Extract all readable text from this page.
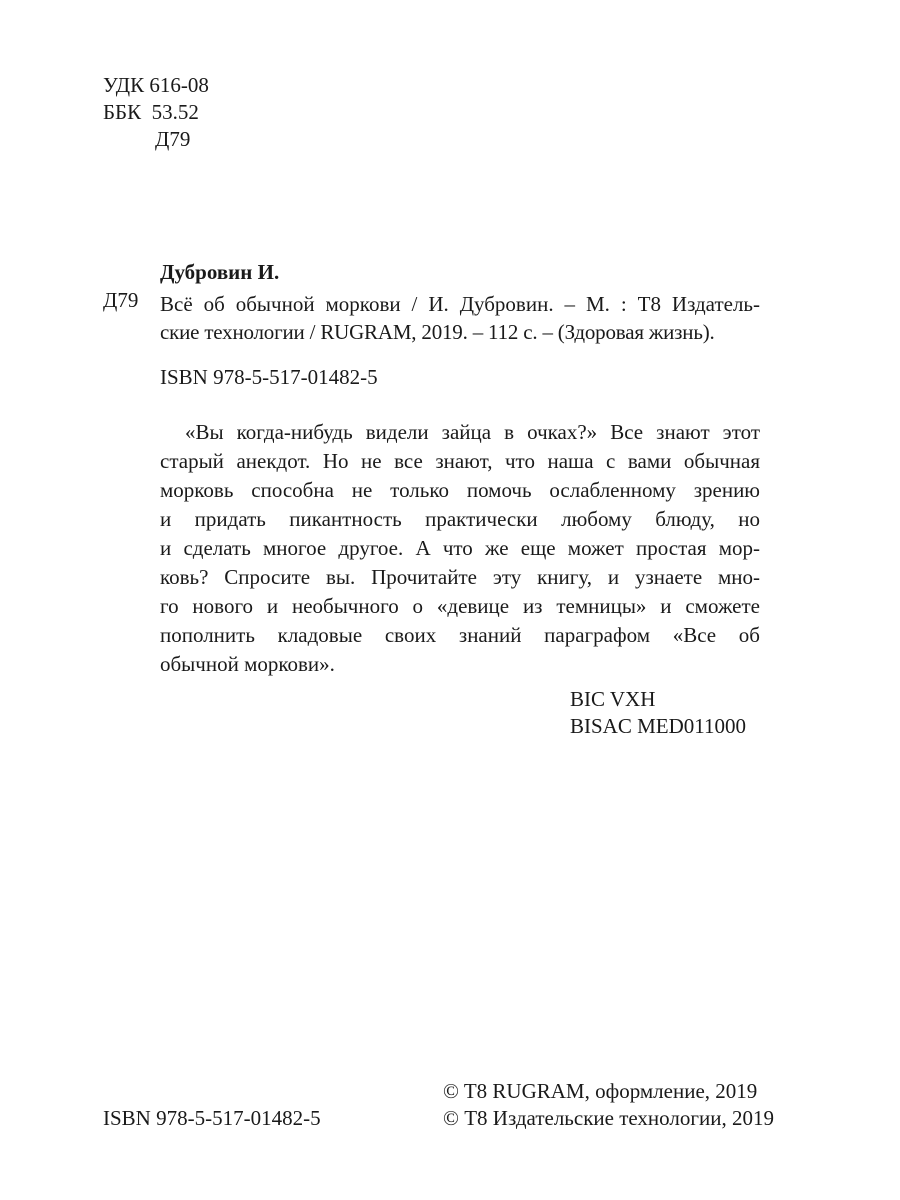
УДК 616-08
ББК  53.52
Д79
Дубровин И.
Д79 Всё об обычной моркови / И. Дубровин. – М. : Т8 Издатель-
ские технологии / RUGRAM, 2019. – 112 с. – (Здоровая жизнь).
ISBN 978-5-517-01482-5
«Вы когда-нибудь видели зайца в очках?» Все знают этот
старый анекдот. Но не все знают, что наша с вами обычная
морковь способна не только помочь ослабленному зрению
и придать пикантность практически любому блюду, но
и сделать многое другое. А что же еще может простая мор-
ковь? Спросите вы. Прочитайте эту книгу, и узнаете мно-
го нового и необычного о «девице из темницы» и сможете
пополнить кладовые своих знаний параграфом «Все об
обычной моркови».
BIC VXH
BISAC MED011000
© T8 RUGRAM, оформление, 2019
ISBN 978-5-517-01482-5	© Т8 Издательские технологии, 2019
